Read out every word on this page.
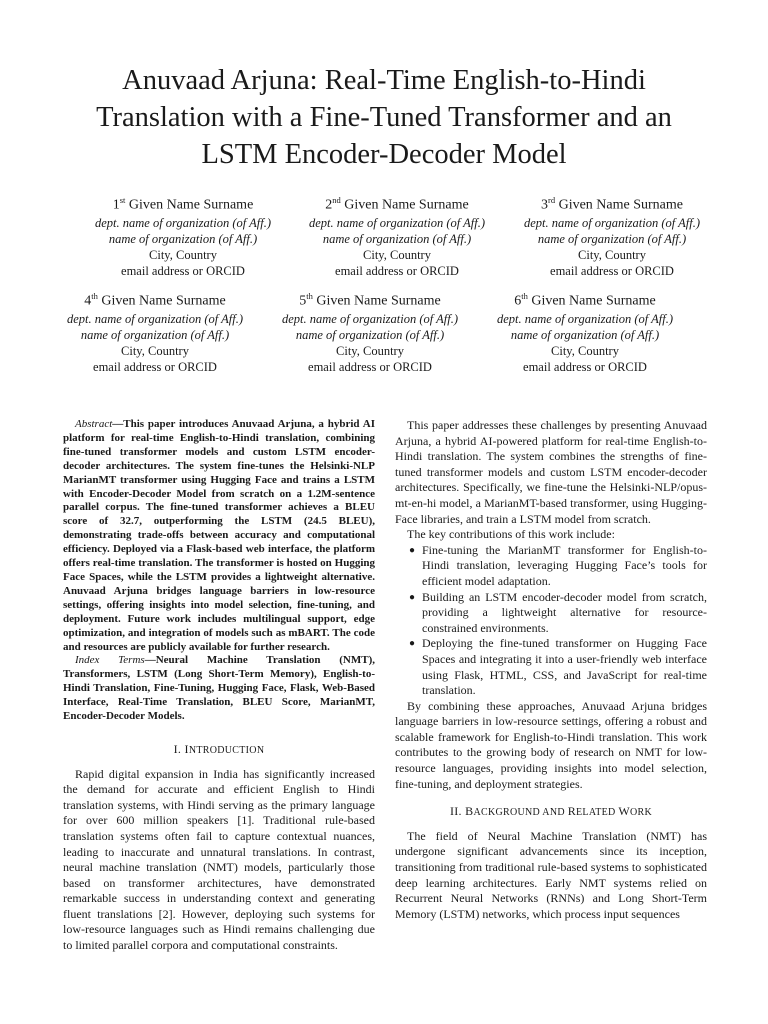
Anuvaad Arjuna: Real-Time English-to-Hindi
Translation with a Fine-Tuned Transformer and an
LSTM Encoder-Decoder Model
1st Given Name Surname
dept. name of organization (of Aff.)
name of organization (of Aff.)
City, Country
email address or ORCID
2nd Given Name Surname
dept. name of organization (of Aff.)
name of organization (of Aff.)
City, Country
email address or ORCID
3rd Given Name Surname
dept. name of organization (of Aff.)
name of organization (of Aff.)
City, Country
email address or ORCID
4th Given Name Surname
dept. name of organization (of Aff.)
name of organization (of Aff.)
City, Country
email address or ORCID
5th Given Name Surname
dept. name of organization (of Aff.)
name of organization (of Aff.)
City, Country
email address or ORCID
6th Given Name Surname
dept. name of organization (of Aff.)
name of organization (of Aff.)
City, Country
email address or ORCID

Abstract—This paper introduces Anuvaad Arjuna, a hybrid AI platform for real-time English-to-Hindi translation, combining fine-tuned transformer models and custom LSTM encoder-decoder architectures. The system fine-tunes the Helsinki-NLP MarianMT transformer using Hugging Face and trains a LSTM with Encoder-Decoder Model from scratch on a 1.2M-sentence parallel corpus. The fine-tuned transformer achieves a BLEU score of 32.7, outperforming the LSTM (24.5 BLEU), demonstrating trade-offs between accuracy and computational efficiency. Deployed via a Flask-based web interface, the platform offers real-time translation. The transformer is hosted on Hugging Face Spaces, while the LSTM provides a lightweight alternative. Anuvaad Arjuna bridges language barriers in low-resource settings, offering insights into model selection, fine-tuning, and deployment. Future work includes multilingual support, edge optimization, and integration of models such as mBART. The code and resources are publicly available for further research.

Index Terms—Neural Machine Translation (NMT), Transformers, LSTM (Long Short-Term Memory), English-to-Hindi Translation, Fine-Tuning, Hugging Face, Flask, Web-Based Interface, Real-Time Translation, BLEU Score, MarianMT, Encoder-Decoder Models.

I. INTRODUCTION

Rapid digital expansion in India has significantly increased the demand for accurate and efficient English to Hindi translation systems, with Hindi serving as the primary language for over 600 million speakers [1]. Traditional rule-based translation systems often fail to capture contextual nuances, leading to inaccurate and unnatural translations. In contrast, neural machine translation (NMT) models, particularly those based on transformer architectures, have demonstrated remarkable success in understanding context and generating fluent translations [2]. However, deploying such systems for low-resource languages such as Hindi remains challenging due to limited parallel corpora and computational constraints.

This paper addresses these challenges by presenting Anuvaad Arjuna, a hybrid AI-powered platform for real-time English-to-Hindi translation. The system combines the strengths of fine-tuned transformer models and custom LSTM encoder-decoder architectures. Specifically, we fine-tune the Helsinki-NLP/opus-mt-en-hi model, a MarianMT-based transformer, using Hugging-Face libraries, and train a LSTM model from scratch.

The key contributions of this work include:

● Fine-tuning the MarianMT transformer for English-to-Hindi translation, leveraging Hugging Face’s tools for efficient model adaptation.
● Building an LSTM encoder-decoder model from scratch, providing a lightweight alternative for resource-constrained environments.
● Deploying the fine-tuned transformer on Hugging Face Spaces and integrating it into a user-friendly web interface using Flask, HTML, CSS, and JavaScript for real-time translation.

By combining these approaches, Anuvaad Arjuna bridges language barriers in low-resource settings, offering a robust and scalable framework for English-to-Hindi translation. This work contributes to the growing body of research on NMT for low-resource languages, providing insights into model selection, fine-tuning, and deployment strategies.

II. BACKGROUND AND RELATED WORK

The field of Neural Machine Translation (NMT) has undergone significant advancements since its inception, transitioning from traditional rule-based systems to sophisticated deep learning architectures. Early NMT systems relied on Recurrent Neural Networks (RNNs) and Long Short-Term Memory (LSTM) networks, which process input sequences
